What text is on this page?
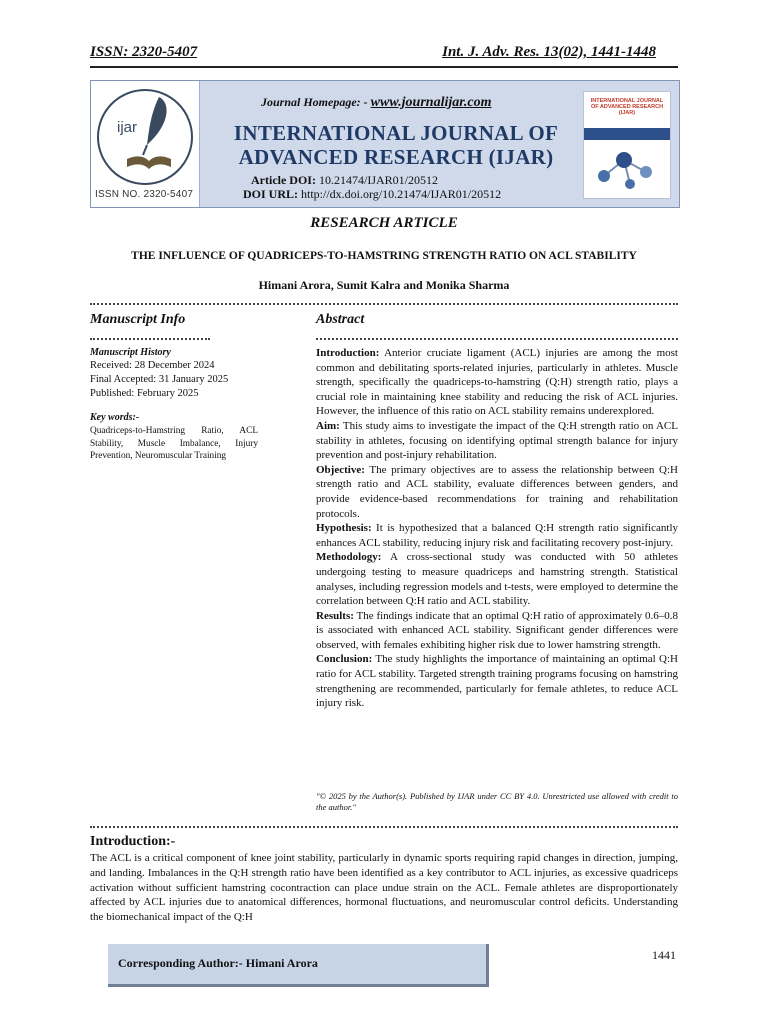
ISSN: 2320-5407	Int. J. Adv. Res. 13(02), 1441-1448
ijar
ISSN NO. 2320-5407
Journal Homepage: - www.journalijar.com
INTERNATIONAL JOURNAL OF
ADVANCED RESEARCH (IJAR)
Article DOI: 10.21474/IJAR01/20512
DOI URL: http://dx.doi.org/10.21474/IJAR01/20512
INTERNATIONAL JOURNAL OF ADVANCED RESEARCH (IJAR)
RESEARCH ARTICLE
THE INFLUENCE OF QUADRICEPS-TO-HAMSTRING STRENGTH RATIO ON ACL STABILITY
Himani Arora, Sumit Kalra and Monika Sharma
Manuscript Info
Manuscript History
Received: 28 December 2024
Final Accepted: 31 January 2025
Published: February 2025
Key words:-
Quadriceps-to-Hamstring Ratio, ACL Stability, Muscle Imbalance, Injury Prevention, Neuromuscular Training
Abstract

Introduction: Anterior cruciate ligament (ACL) injuries are among the most common and debilitating sports-related injuries, particularly in athletes. Muscle strength, specifically the quadriceps-to-hamstring (Q:H) strength ratio, plays a crucial role in maintaining knee stability and reducing the risk of ACL injuries. However, the influence of this ratio on ACL stability remains underexplored.

Aim: This study aims to investigate the impact of the Q:H strength ratio on ACL stability in athletes, focusing on identifying optimal strength balance for injury prevention and post-injury rehabilitation.

Objective: The primary objectives are to assess the relationship between Q:H strength ratio and ACL stability, evaluate differences between genders, and provide evidence-based recommendations for training and rehabilitation protocols.

Hypothesis: It is hypothesized that a balanced Q:H strength ratio significantly enhances ACL stability, reducing injury risk and facilitating recovery post-injury.

Methodology: A cross-sectional study was conducted with 50 athletes undergoing testing to measure quadriceps and hamstring strength. Statistical analyses, including regression models and t-tests, were employed to determine the correlation between Q:H ratio and ACL stability.

Results: The findings indicate that an optimal Q:H ratio of approximately 0.6–0.8 is associated with enhanced ACL stability. Significant gender differences were observed, with females exhibiting higher risk due to lower hamstring strength.

Conclusion: The study highlights the importance of maintaining an optimal Q:H ratio for ACL stability. Targeted strength training programs focusing on hamstring strengthening are recommended, particularly for female athletes, to reduce ACL injury risk.

"© 2025 by the Author(s). Published by IJAR under CC BY 4.0. Unrestricted use allowed with credit to the author."
Introduction:-
The ACL is a critical component of knee joint stability, particularly in dynamic sports requiring rapid changes in direction, jumping, and landing. Imbalances in the Q:H strength ratio have been identified as a key contributor to ACL injuries, as excessive quadriceps activation without sufficient hamstring cocontraction can place undue strain on the ACL. Female athletes are disproportionately affected by ACL injuries due to anatomical differences, hormonal fluctuations, and neuromuscular control deficits. Understanding the biomechanical impact of the Q:H
Corresponding Author:- Himani Arora
1441
